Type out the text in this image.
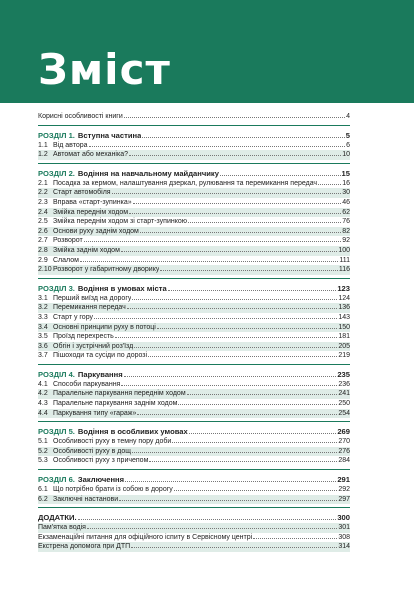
Зміст
Корисні особливості книги	4
РОЗДІЛ 1. Вступна частина	5
1.1 Від автора	6
1.2 Автомат або механіка?	10
РОЗДІЛ 2. Водіння на навчальному майданчику	15
2.1 Посадка за кермом, налаштування дзеркал, рулювання та перемикання передач	16
2.2 Старт автомобіля	30
2.3 Вправа «старт-зупинка»	46
2.4 Змійка переднім ходом	62
2.5 Змійка переднім ходом зі старт-зупинкою	76
2.6 Основи руху заднім ходом	82
2.7 Розворот	92
2.8 Змійка заднім ходом	100
2.9 Слалом	111
2.10 Розворот у габаритному дворику	116
РОЗДІЛ 3. Водіння в умовах міста	123
3.1 Перший виїзд на дорогу	124
3.2 Перемикання передач	136
3.3 Старт у гору	143
3.4 Основні принципи руху в потоці	150
3.5 Проїзд перехресть	181
3.6 Обгін і зустрічний роз'їзд	205
3.7 Пішоходи та сусіди по дорозі	219
РОЗДІЛ 4. Паркування	235
4.1 Способи паркування	236
4.2 Паралельне паркування переднім ходом	241
4.3 Паралельне паркування заднім ходом	250
4.4 Паркування типу «гараж»	254
РОЗДІЛ 5. Водіння в особливих умовах	269
5.1 Особливості руху в темну пору доби	270
5.2 Особливості руху в дощ	276
5.3 Особливості руху з причепом	284
РОЗДІЛ 6. Заключення	291
6.1 Що потрібно брати із собою в дорогу	292
6.2 Заключні настанови	297
ДОДАТКИ.	300
Пам'ятка водія	301
Екзаменаційні питання для офіційного іспиту в Сервісному центрі	308
Екстрена допомога при ДТП	314
